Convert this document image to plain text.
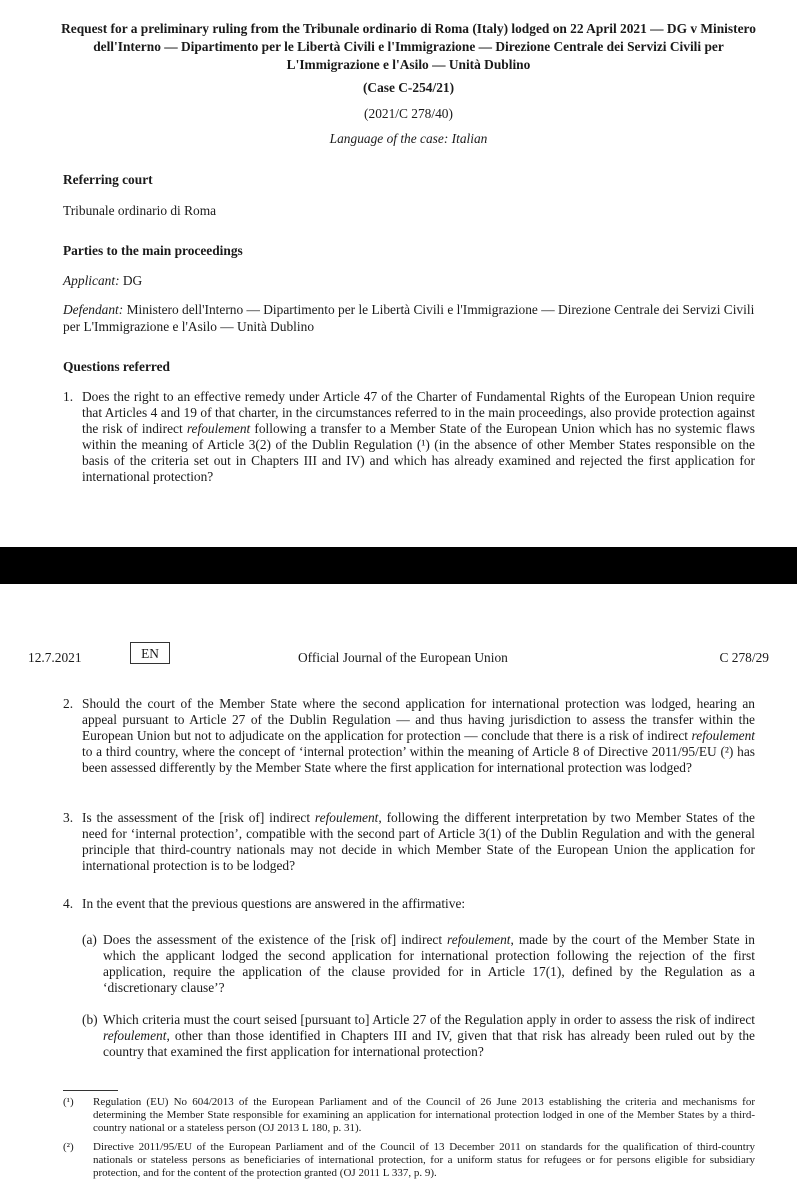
Request for a preliminary ruling from the Tribunale ordinario di Roma (Italy) lodged on 22 April 2021 — DG v Ministero dell'Interno — Dipartimento per le Libertà Civili e l'Immigrazione — Direzione Centrale dei Servizi Civili per L'Immigrazione e l'Asilo — Unità Dublino
(Case C-254/21)
(2021/C 278/40)
Language of the case: Italian
Referring court
Tribunale ordinario di Roma
Parties to the main proceedings
Applicant: DG
Defendant: Ministero dell'Interno — Dipartimento per le Libertà Civili e l'Immigrazione — Direzione Centrale dei Servizi Civili per L'Immigrazione e l'Asilo — Unità Dublino
Questions referred
1. Does the right to an effective remedy under Article 47 of the Charter of Fundamental Rights of the European Union require that Articles 4 and 19 of that charter, in the circumstances referred to in the main proceedings, also provide protection against the risk of indirect refoulement following a transfer to a Member State of the European Union which has no systemic flaws within the meaning of Article 3(2) of the Dublin Regulation (¹) (in the absence of other Member States responsible on the basis of the criteria set out in Chapters III and IV) and which has already examined and rejected the first application for international protection?
12.7.2021	EN	Official Journal of the European Union	C 278/29
2. Should the court of the Member State where the second application for international protection was lodged, hearing an appeal pursuant to Article 27 of the Dublin Regulation — and thus having jurisdiction to assess the transfer within the European Union but not to adjudicate on the application for protection — conclude that there is a risk of indirect refoulement to a third country, where the concept of ‘internal protection’ within the meaning of Article 8 of Directive 2011/95/EU (²) has been assessed differently by the Member State where the first application for international protection was lodged?
3. Is the assessment of the [risk of] indirect refoulement, following the different interpretation by two Member States of the need for ‘internal protection’, compatible with the second part of Article 3(1) of the Dublin Regulation and with the general principle that third-country nationals may not decide in which Member State of the European Union the application for international protection is to be lodged?
4. In the event that the previous questions are answered in the affirmative:
(a) Does the assessment of the existence of the [risk of] indirect refoulement, made by the court of the Member State in which the applicant lodged the second application for international protection following the rejection of the first application, require the application of the clause provided for in Article 17(1), defined by the Regulation as a ‘discretionary clause’?
(b) Which criteria must the court seised [pursuant to] Article 27 of the Regulation apply in order to assess the risk of indirect refoulement, other than those identified in Chapters III and IV, given that that risk has already been ruled out by the country that examined the first application for international protection?
(¹) Regulation (EU) No 604/2013 of the European Parliament and of the Council of 26 June 2013 establishing the criteria and mechanisms for determining the Member State responsible for examining an application for international protection lodged in one of the Member States by a third-country national or a stateless person (OJ 2013 L 180, p. 31).
(²) Directive 2011/95/EU of the European Parliament and of the Council of 13 December 2011 on standards for the qualification of third-country nationals or stateless persons as beneficiaries of international protection, for a uniform status for refugees or for persons eligible for subsidiary protection, and for the content of the protection granted (OJ 2011 L 337, p. 9).
